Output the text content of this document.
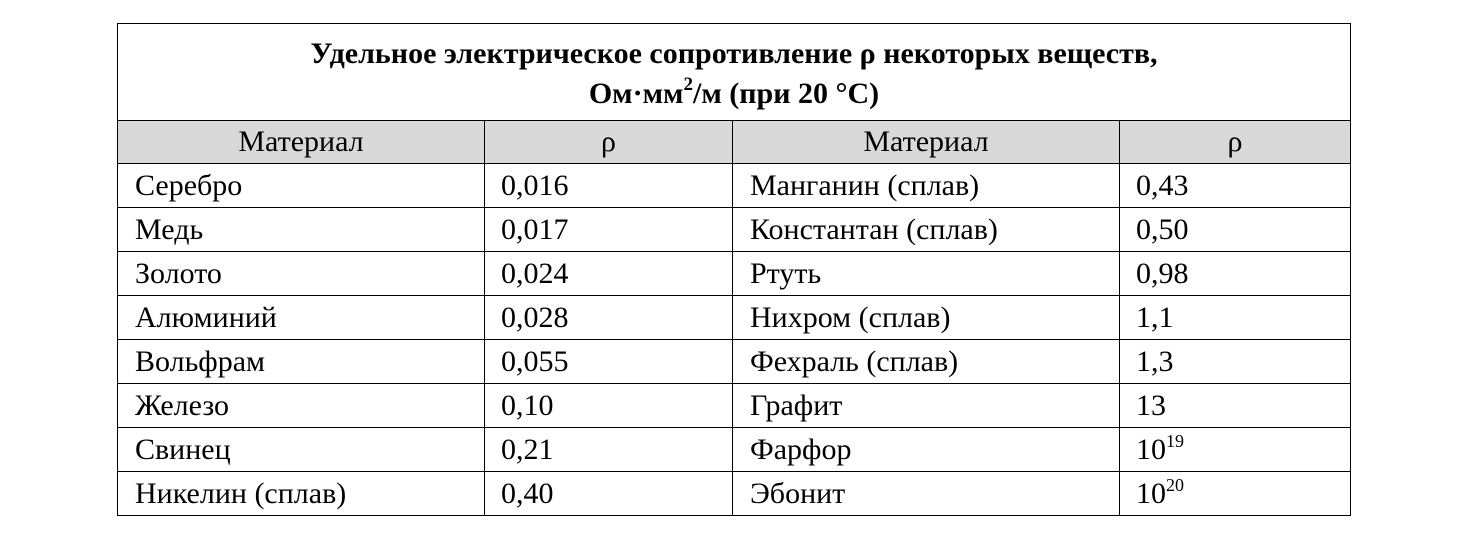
Удельное электрическое сопротивление ρ некоторых веществ,
$Ом\cdot мм^2/м$ (при 20 °С)			

Материал	ρ	Материал	ρ
Серебро	0,016	Манганин (сплав)	0,43
Медь	0,017	Константан (сплав)	0,50
Золото	0,024	Ртуть	0,98
Алюминий	0,028	Нихром (сплав)	1,1
Вольфрам	0,055	Фехраль (сплав)	1,3
Железо	0,10	Графит	13
Свинец	0,21	Фарфор	$10^{19}$
Никелин (сплав)	0,40	Эбонит	$10^{20}$
